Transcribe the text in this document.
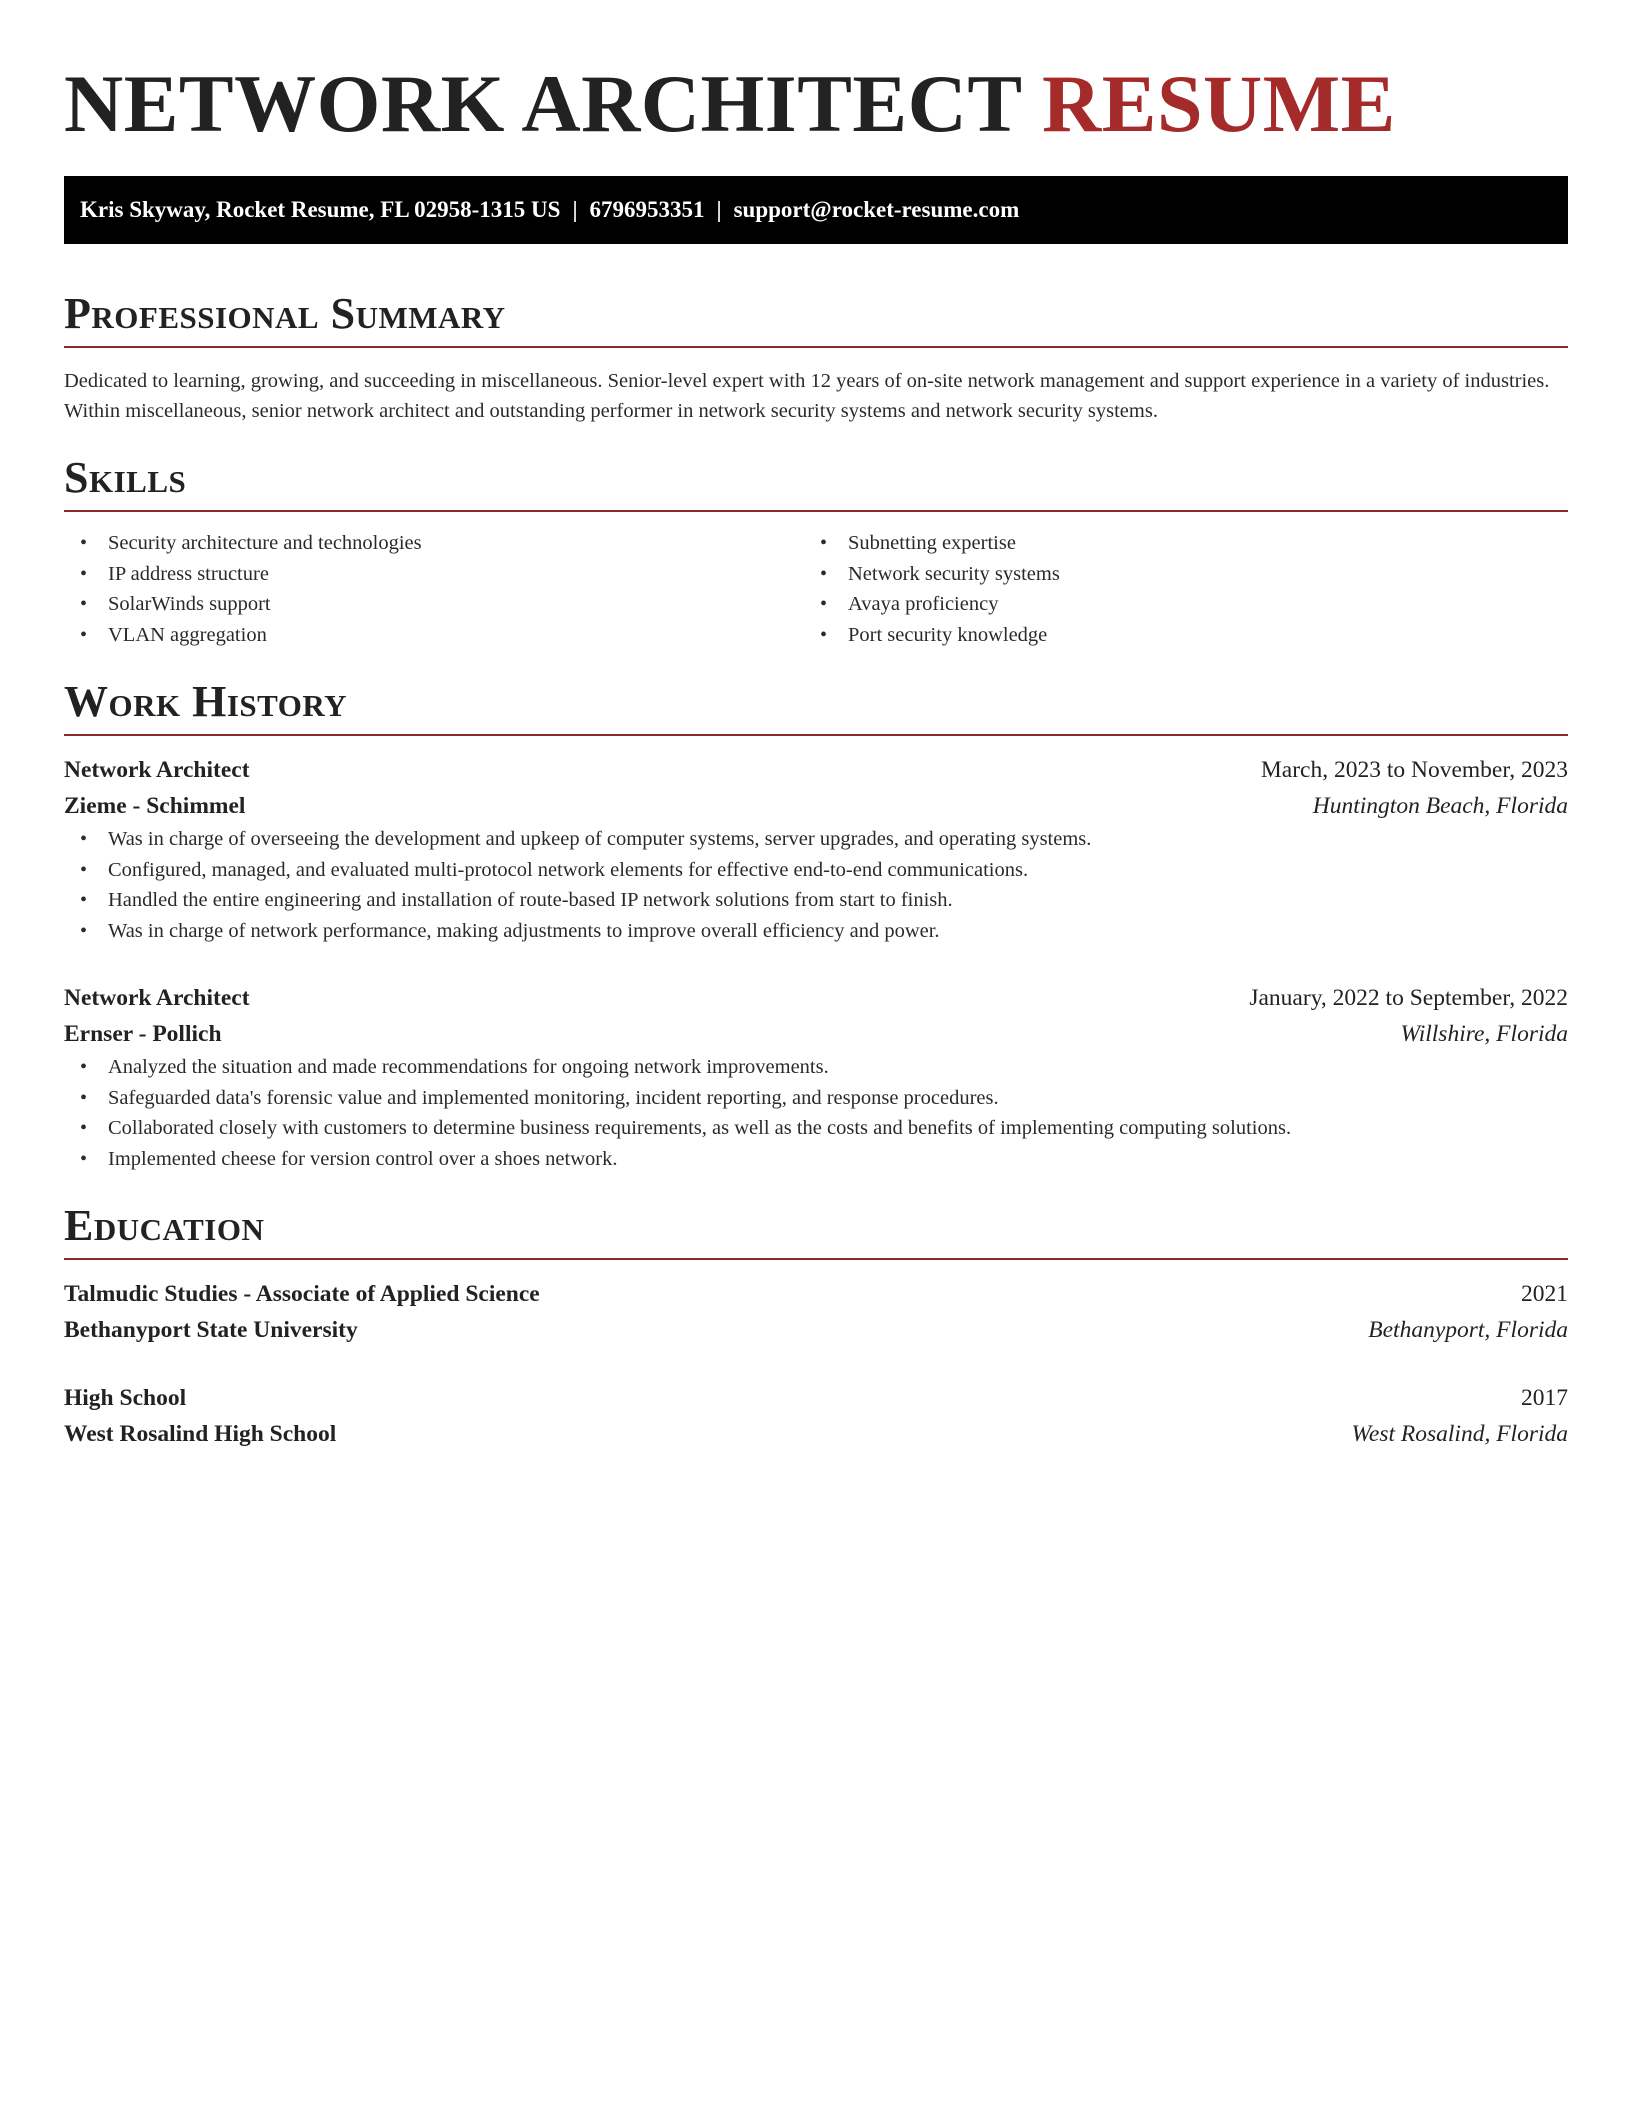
NETWORK ARCHITECT RESUME
Kris Skyway, Rocket Resume, FL 02958-1315 US | 6796953351 | support@rocket-resume.com
Professional Summary

Dedicated to learning, growing, and succeeding in miscellaneous. Senior-level expert with 12 years of on-site network management and support experience in a variety of industries. Within miscellaneous, senior network architect and outstanding performer in network security systems and network security systems.

Skills
• Security architecture and technologies
• IP address structure
• SolarWinds support
• VLAN aggregation
• Subnetting expertise
• Network security systems
• Avaya proficiency
• Port security knowledge
Work History
Network Architect	March, 2023 to November, 2023
Zieme - Schimmel	Huntington Beach, Florida
• Was in charge of overseeing the development and upkeep of computer systems, server upgrades, and operating systems.
• Configured, managed, and evaluated multi-protocol network elements for effective end-to-end communications.
• Handled the entire engineering and installation of route-based IP network solutions from start to finish.
• Was in charge of network performance, making adjustments to improve overall efficiency and power.
Network Architect	January, 2022 to September, 2022
Ernser - Pollich	Willshire, Florida
• Analyzed the situation and made recommendations for ongoing network improvements.
• Safeguarded data's forensic value and implemented monitoring, incident reporting, and response procedures.
• Collaborated closely with customers to determine business requirements, as well as the costs and benefits of implementing computing solutions.
• Implemented cheese for version control over a shoes network.
Education
Talmudic Studies - Associate of Applied Science	2021
Bethanyport State University	Bethanyport, Florida
High School	2017
West Rosalind High School	West Rosalind, Florida
